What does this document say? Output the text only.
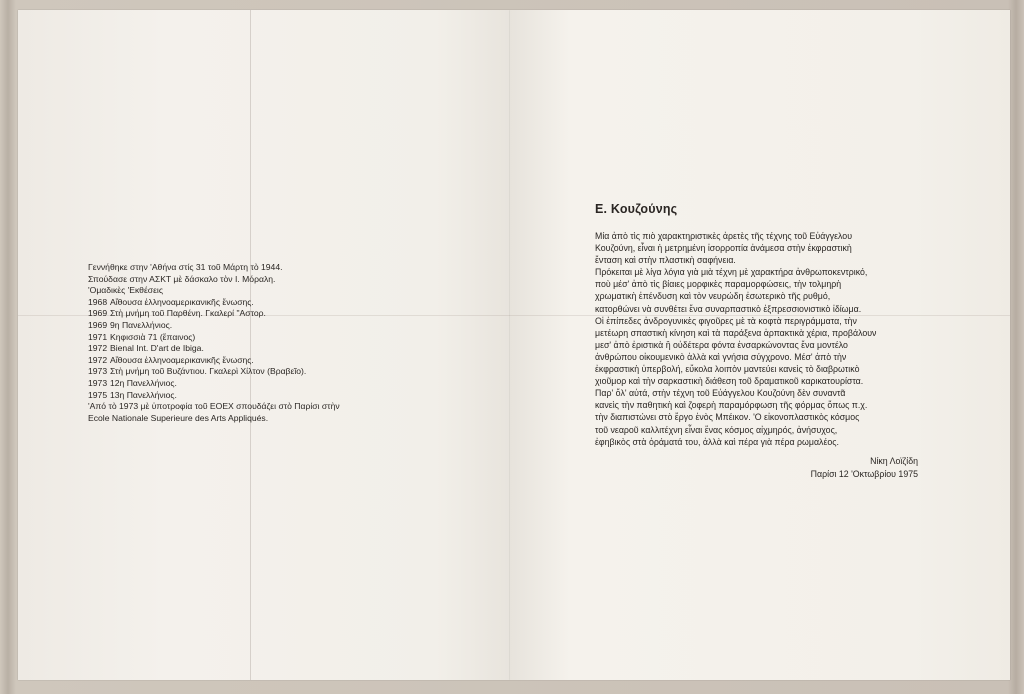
Γεννήθηκε στην 'Αθήνα στίς 31 τοῦ Μάρτη τὸ 1944.
Σπούδασε στην ΑΣΚΤ μὲ δάσκαλο τὸν Ι. Μόραλη.
'Ομαδικὲς 'Εκθέσεις
1968 Αἴθουσα ἑλληνοαμερικανικῆς ἕνωσης.
1969 Στὴ μνήμη τοῦ Παρθένη. Γκαλερί "Αστορ.
1969 9η Πανελλήνιος.
1971 Κηφισσιὰ 71 (ἔπαινος)
1972 Bienal Int. D'art de Ibiga.
1972 Αἴθουσα ἑλληνοαμερικανικῆς ἕνωσης.
1973 Στὴ μνήμη τοῦ Βυζάντιου. Γκαλερὶ Χίλτον (Βραβεῖο).
1973 12η Πανελλήνιος.
1975 13η Πανελλήνιος.
'Από τὸ 1973 μὲ ὑποτροφία τοῦ ΕΟΕΧ σπουδάζει στὸ Παρίσι στὴν
Ecole Nationale Superieure des Arts Appliqués.
Ε. Κουζούνης
Μία ἀπὸ τὶς πιὸ χαρακτηριστικὲς ἀρετὲς τῆς τέχνης τοῦ Εὐάγγελου
Κουζούνη, εἶναι ἡ μετρημένη ἰσορροπία ἀνάμεσα στὴν ἐκφραστικὴ
ἔνταση καὶ στὴν πλαστικὴ σαφήνεια.
Πρόκειται μὲ λίγα λόγια γιὰ μιὰ τέχνη μὲ χαρακτήρα ἀνθρωποκεντρικό,
ποὺ μέσ' ἀπὸ τὶς βίαιες μορφικὲς παραμορφώσεις, τὴν τολμηρὴ
χρωματικὴ ἐπένδυση καὶ τὸν νευρώδη ἐσωτερικὸ τῆς ρυθμό,
κατορθώνει νὰ συνθέτει ἕνα συναρπαστικὸ ἐξπρεσσιονιστικὸ ἰδίωμα.
Οἱ ἐπίπεδες ἀνδρογυνικὲς φιγοῦρες μὲ τὰ κοφτὰ περιγράμματα, τὴν
μετέωρη σπαστικὴ κίνηση καὶ τὰ παράξενα ἁρπακτικὰ χέρια, προβάλουν
μεσ' ἀπὸ ἐριστικὰ ἢ οὐδέτερα φόντα ἐνσαρκώνοντας ἕνα μοντέλο
ἀνθρώπου οἰκουμενικὸ ἀλλὰ καὶ γνήσια σύγχρονο. Μέσ' ἀπὸ τὴν
ἐκφραστικὴ ὑπερβολή, εὔκολα λοιπὸν μαντεύει κανεὶς τὸ διαβρωτικὸ
χιοῦμορ καὶ τὴν σαρκαστικὴ διάθεση τοῦ δραματικοῦ καρικατουρίστα.
Παρ' ὅλ' αὐτά, στὴν τέχνη τοῦ Εὐάγγελου Κουζούνη δὲν συναντᾶ
κανεὶς τὴν παθητικὴ καὶ ζοφερὴ παραμόρφωση τῆς φόρμας ὅπως π.χ.
τὴν διαπιστώνει στὸ ἔργο ἑνὸς Μπέικον. 'Ο εἰκονοπλαστικὸς κόσμος
τοῦ νεαροῦ καλλιτέχνη εἶναι ἕνας κόσμος αἰχμηρός, ἀνήσυχος,
ἐφηβικὸς στὰ ὁράματά του, ἀλλὰ καὶ πέρα γιὰ πέρα ρωμαλέος.
Νίκη Λοϊζίδη
Παρίσι 12 'Οκτωβρίου 1975
